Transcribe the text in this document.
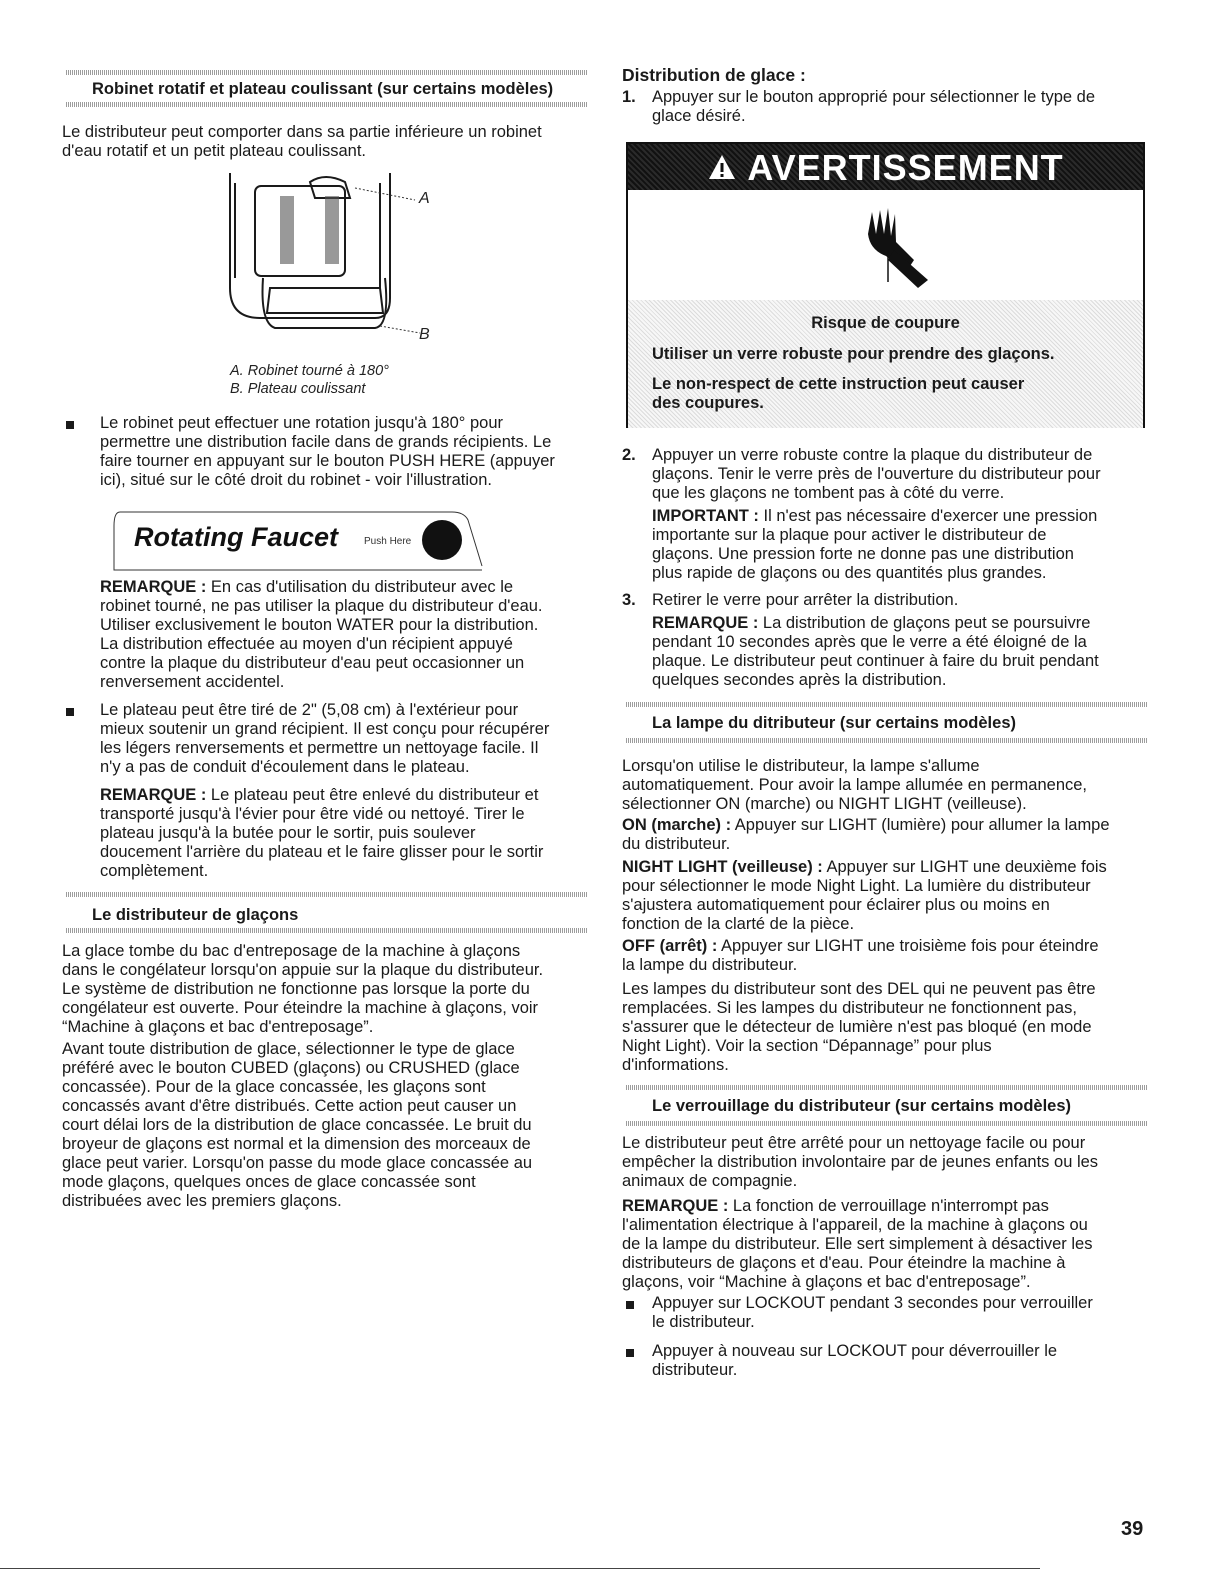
Robinet rotatif et plateau coulissant (sur certains modèles)

Le distributeur peut comporter dans sa partie inférieure un robinet

d'eau rotatif et un petit plateau coulissant.

A
B
A. Robinet tourné à 180°
B. Plateau coulissant

Le robinet peut effectuer une rotation jusqu'à 180° pour

permettre une distribution facile dans de grands récipients. Le

faire tourner en appuyant sur le bouton PUSH HERE (appuyer

ici), situé sur le côté droit du robinet - voir l'illustration.

Rotating Faucet	Push Here

REMARQUE : En cas d'utilisation du distributeur avec le

robinet tourné, ne pas utiliser la plaque du distributeur d'eau.

Utiliser exclusivement le bouton WATER pour la distribution.

La distribution effectuée au moyen d'un récipient appuyé

contre la plaque du distributeur d'eau peut occasionner un

renversement accidentel.

Le plateau peut être tiré de 2" (5,08 cm) à l'extérieur pour

mieux soutenir un grand récipient. Il est conçu pour récupérer

les légers renversements et permettre un nettoyage facile. Il

n'y a pas de conduit d'écoulement dans le plateau.

REMARQUE : Le plateau peut être enlevé du distributeur et

transporté jusqu'à l'évier pour être vidé ou nettoyé. Tirer le

plateau jusqu'à la butée pour le sortir, puis soulever

doucement l'arrière du plateau et le faire glisser pour le sortir

complètement.

Le distributeur de glaçons

La glace tombe du bac d'entreposage de la machine à glaçons

dans le congélateur lorsqu'on appuie sur la plaque du distributeur.

Le système de distribution ne fonctionne pas lorsque la porte du

congélateur est ouverte. Pour éteindre la machine à glaçons, voir

“Machine à glaçons et bac d'entreposage”.

Avant toute distribution de glace, sélectionner le type de glace

préféré avec le bouton CUBED (glaçons) ou CRUSHED (glace

concassée). Pour de la glace concassée, les glaçons sont

concassés avant d'être distribués. Cette action peut causer un

court délai lors de la distribution de glace concassée. Le bruit du

broyeur de glaçons est normal et la dimension des morceaux de

glace peut varier. Lorsqu'on passe du mode glace concassée au

mode glaçons, quelques onces de glace concassée sont

distribuées avec les premiers glaçons.

Distribution de glace :
1. Appuyer sur le bouton approprié pour sélectionner le type de

glace désiré.

AVERTISSEMENT
Risque de coupure
Utiliser un verre robuste pour prendre des glaçons.
Le non-respect de cette instruction peut causer
des coupures.
2. Appuyer un verre robuste contre la plaque du distributeur de

glaçons. Tenir le verre près de l'ouverture du distributeur pour

que les glaçons ne tombent pas à côté du verre.

IMPORTANT : Il n'est pas nécessaire d'exercer une pression

importante sur la plaque pour activer le distributeur de

glaçons. Une pression forte ne donne pas une distribution

plus rapide de glaçons ou des quantités plus grandes.

3. Retirer le verre pour arrêter la distribution.

REMARQUE : La distribution de glaçons peut se poursuivre

pendant 10 secondes après que le verre a été éloigné de la

plaque. Le distributeur peut continuer à faire du bruit pendant

quelques secondes après la distribution.

La lampe du ditributeur (sur certains modèles)

Lorsqu'on utilise le distributeur, la lampe s'allume

automatiquement. Pour avoir la lampe allumée en permanence,

sélectionner ON (marche) ou NIGHT LIGHT (veilleuse).

ON (marche) : Appuyer sur LIGHT (lumière) pour allumer la lampe

du distributeur.

NIGHT LIGHT (veilleuse) : Appuyer sur LIGHT une deuxième fois

pour sélectionner le mode Night Light. La lumière du distributeur

s'ajustera automatiquement pour éclairer plus ou moins en

fonction de la clarté de la pièce.

OFF (arrêt) : Appuyer sur LIGHT une troisième fois pour éteindre

la lampe du distributeur.

Les lampes du distributeur sont des DEL qui ne peuvent pas être

remplacées. Si les lampes du distributeur ne fonctionnent pas,

s'assurer que le détecteur de lumière n'est pas bloqué (en mode

Night Light). Voir la section “Dépannage” pour plus

d'informations.

Le verrouillage du distributeur (sur certains modèles)

Le distributeur peut être arrêté pour un nettoyage facile ou pour

empêcher la distribution involontaire par de jeunes enfants ou les

animaux de compagnie.

REMARQUE : La fonction de verrouillage n'interrompt pas

l'alimentation électrique à l'appareil, de la machine à glaçons ou

de la lampe du distributeur. Elle sert simplement à désactiver les

distributeurs de glaçons et d'eau. Pour éteindre la machine à

glaçons, voir “Machine à glaçons et bac d'entreposage”.

Appuyer sur LOCKOUT pendant 3 secondes pour verrouiller

le distributeur.

Appuyer à nouveau sur LOCKOUT pour déverrouiller le

distributeur.

39
